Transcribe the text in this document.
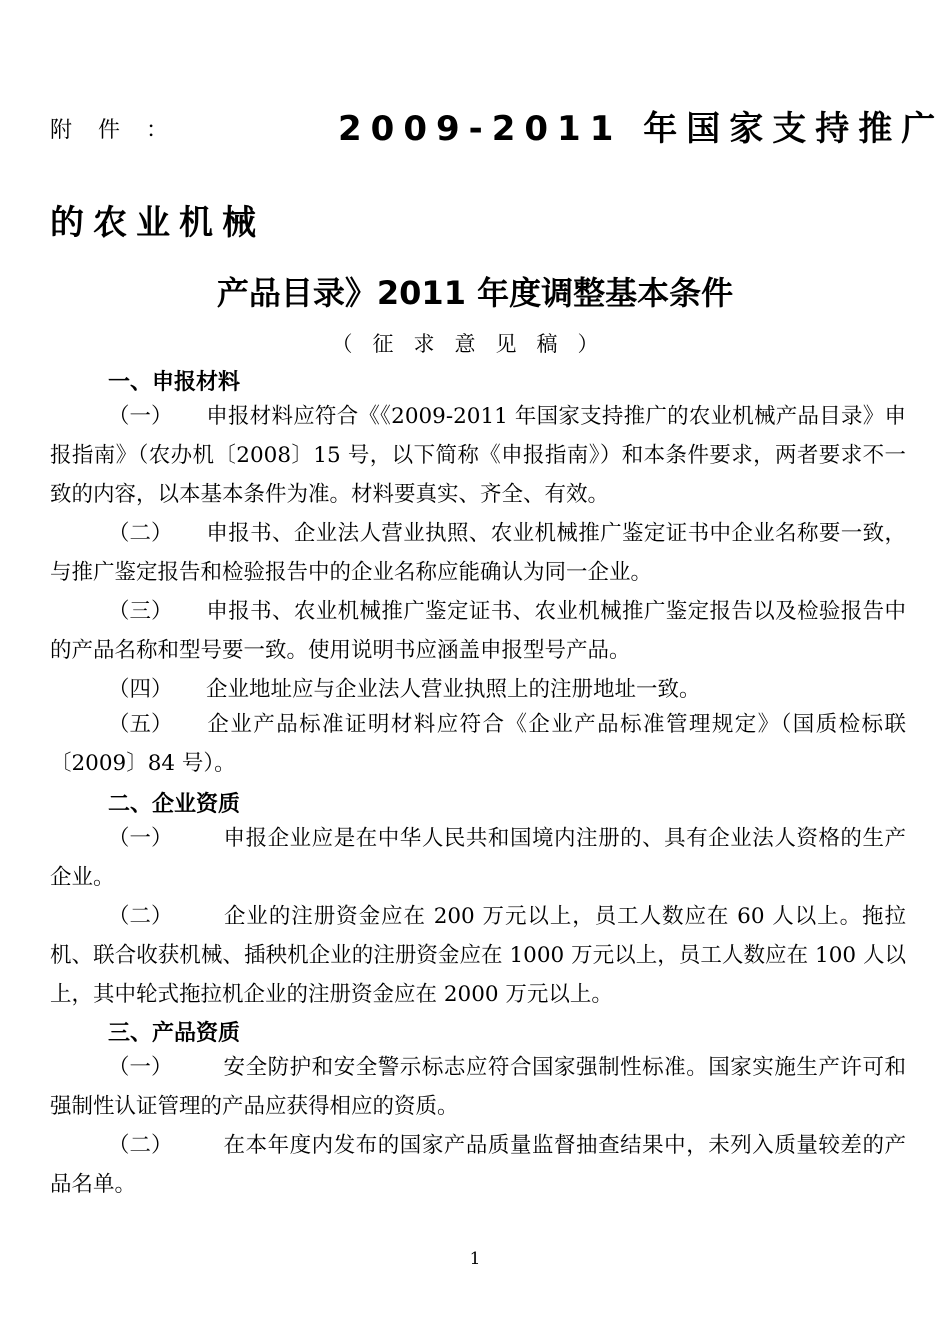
附件：	2009-2011 年国家支持推广
的农业机械
产品目录》2011 年度调整基本条件
（征求意见稿）
一、申报材料
（一） 申报材料应符合《《2009-2011 年国家支持推广的农业机械产品目录》申报指南》（农办机〔2008〕15 号，以下简称《申报指南》）和本条件要求，两者要求不一致的内容，以本基本条件为准。材料要真实、齐全、有效。
（二） 申报书、企业法人营业执照、农业机械推广鉴定证书中企业名称要一致，与推广鉴定报告和检验报告中的企业名称应能确认为同一企业。
（三） 申报书、农业机械推广鉴定证书、农业机械推广鉴定报告以及检验报告中的产品名称和型号要一致。使用说明书应涵盖申报型号产品。
（四） 企业地址应与企业法人营业执照上的注册地址一致。
（五） 企业产品标准证明材料应符合《企业产品标准管理规定》（国质检标联〔2009〕84 号）。
二、企业资质
（一） 申报企业应是在中华人民共和国境内注册的、具有企业法人资格的生产企业。
（二） 企业的注册资金应在 200 万元以上，员工人数应在 60 人以上。拖拉机、联合收获机械、插秧机企业的注册资金应在 1000 万元以上，员工人数应在 100 人以上，其中轮式拖拉机企业的注册资金应在 2000 万元以上。
三、产品资质
（一） 安全防护和安全警示标志应符合国家强制性标准。国家实施生产许可和强制性认证管理的产品应获得相应的资质。
（二） 在本年度内发布的国家产品质量监督抽查结果中，未列入质量较差的产品名单。
1
